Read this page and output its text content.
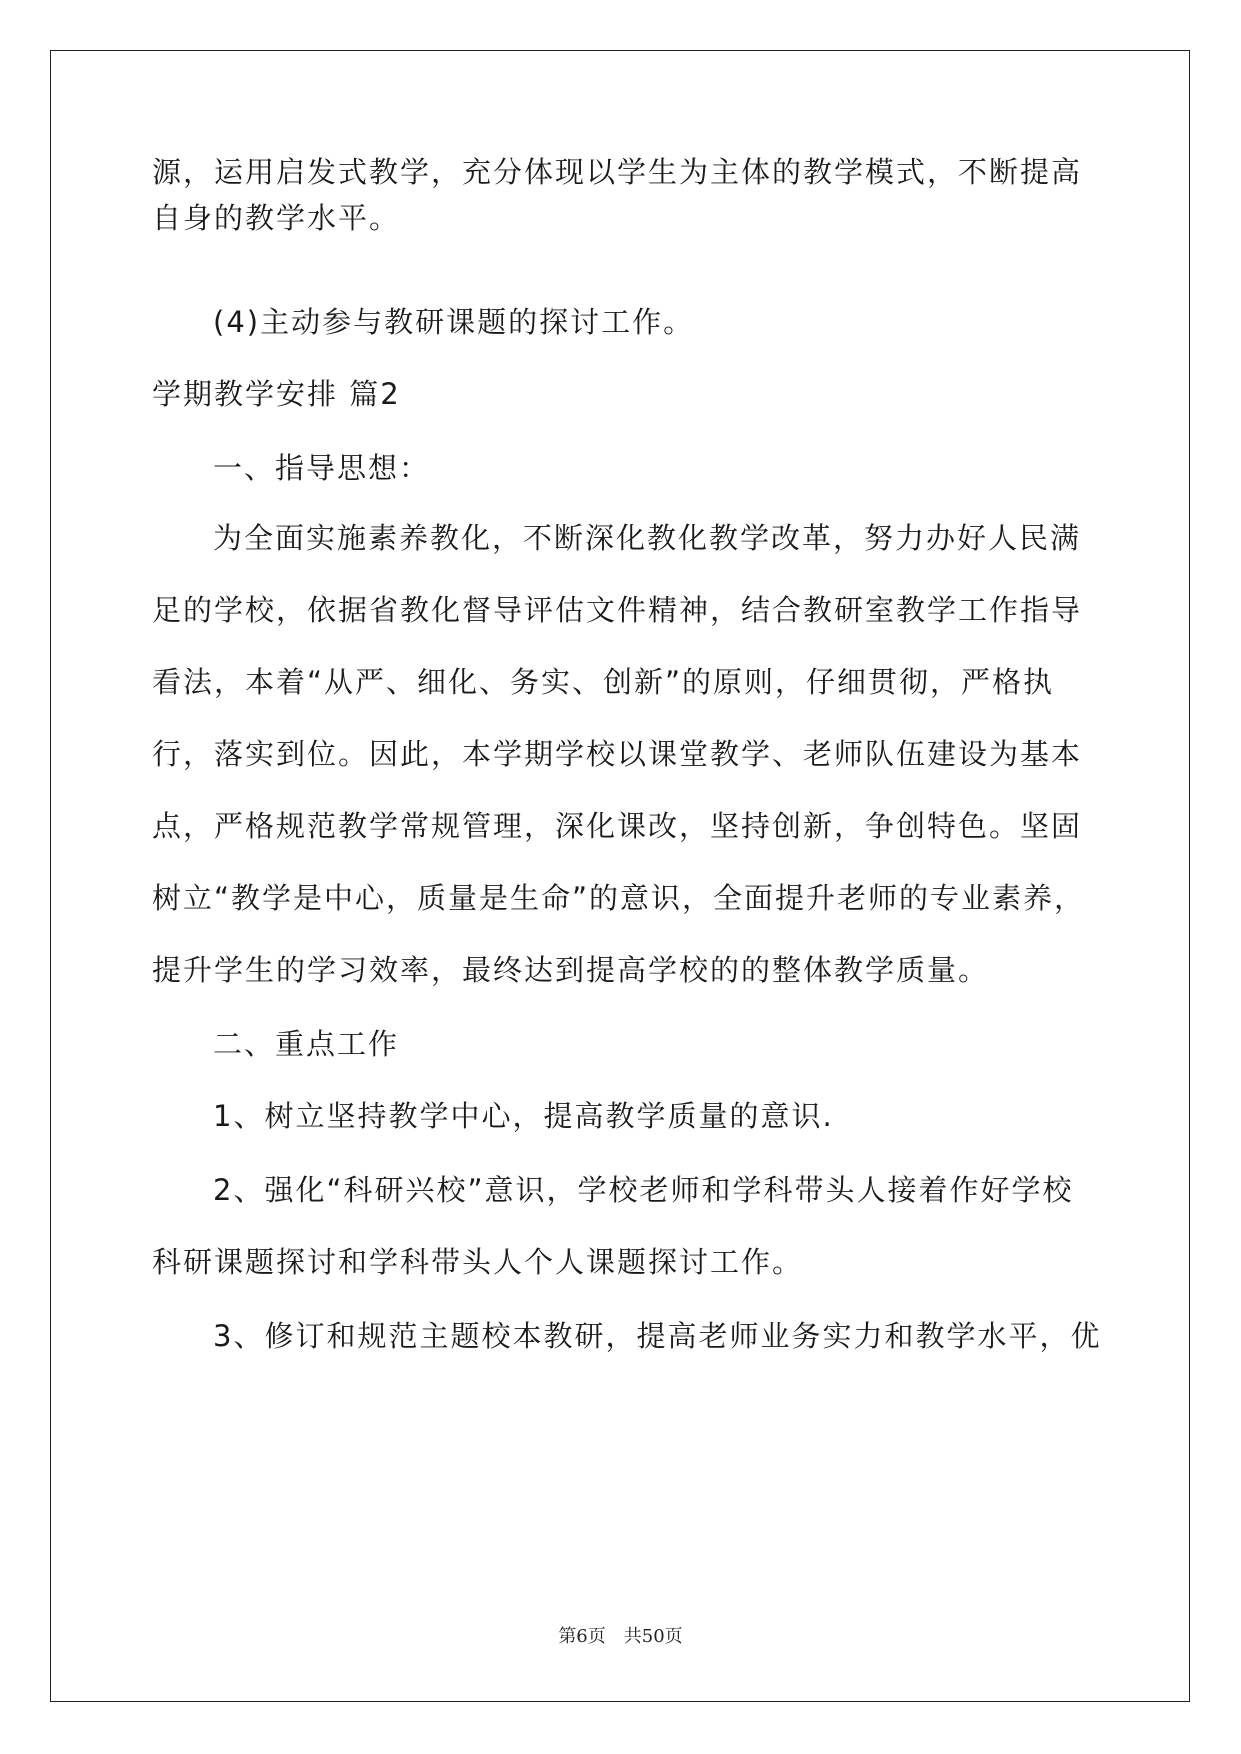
源，运用启发式教学，充分体现以学生为主体的教学模式，不断提高
自身的教学水平。
(4)主动参与教研课题的探讨工作。
学期教学安排 篇2
一、指导思想：
为全面实施素养教化，不断深化教化教学改革，努力办好人民满
足的学校，依据省教化督导评估文件精神，结合教研室教学工作指导
看法，本着“从严、细化、务实、创新”的原则，仔细贯彻，严格执
行，落实到位。因此，本学期学校以课堂教学、老师队伍建设为基本
点，严格规范教学常规管理，深化课改，坚持创新，争创特色。坚固
树立“教学是中心，质量是生命”的意识，全面提升老师的专业素养，
提升学生的学习效率，最终达到提高学校的的整体教学质量。
二、重点工作
1、树立坚持教学中心，提高教学质量的意识.
2、强化“科研兴校”意识，学校老师和学科带头人接着作好学校
科研课题探讨和学科带头人个人课题探讨工作。
3、修订和规范主题校本教研，提高老师业务实力和教学水平，优
第6页　共50页
